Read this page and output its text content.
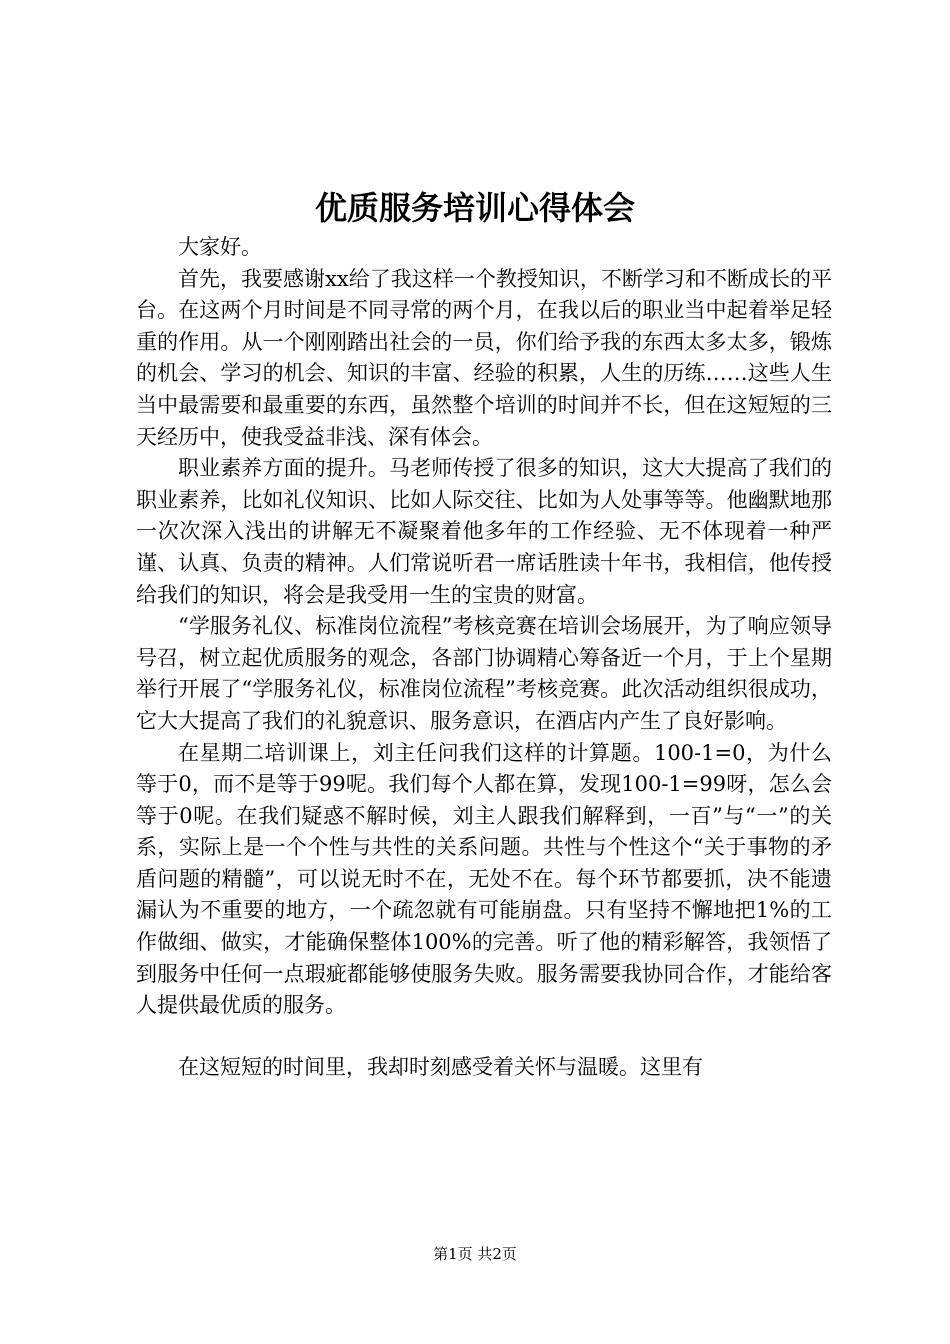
优质服务培训心得体会

大家好。

首先，我要感谢xx给了我这样一个教授知识，不断学习和不断成长的平台。在这两个月时间是不同寻常的两个月，在我以后的职业当中起着举足轻重的作用。从一个刚刚踏出社会的一员，你们给予我的东西太多太多，锻炼的机会、学习的机会、知识的丰富、经验的积累，人生的历练……这些人生当中最需要和最重要的东西，虽然整个培训的时间并不长，但在这短短的三天经历中，使我受益非浅、深有体会。

职业素养方面的提升。马老师传授了很多的知识，这大大提高了我们的职业素养，比如礼仪知识、比如人际交往、比如为人处事等等。他幽默地那一次次深入浅出的讲解无不凝聚着他多年的工作经验、无不体现着一种严谨、认真、负责的精神。人们常说听君一席话胜读十年书，我相信，他传授给我们的知识，将会是我受用一生的宝贵的财富。

“学服务礼仪、标准岗位流程”考核竞赛在培训会场展开，为了响应领导号召，树立起优质服务的观念，各部门协调精心筹备近一个月，于上个星期举行开展了“学服务礼仪，标准岗位流程”考核竞赛。此次活动组织很成功，它大大提高了我们的礼貌意识、服务意识，在酒店内产生了良好影响。

在星期二培训课上，刘主任问我们这样的计算题。100-1=0，为什么等于0，而不是等于99呢。我们每个人都在算，发现100-1=99呀，怎么会等于0呢。在我们疑惑不解时候，刘主人跟我们解释到，一百”与“一”的关系，实际上是一个个性与共性的关系问题。共性与个性这个“关于事物的矛盾问题的精髓”，可以说无时不在，无处不在。每个环节都要抓，决不能遗漏认为不重要的地方，一个疏忽就有可能崩盘。只有坚持不懈地把1%的工作做细、做实，才能确保整体100%的完善。听了他的精彩解答，我领悟了到服务中任何一点瑕疵都能够使服务失败。服务需要我协同合作，才能给客人提供最优质的服务。

在这短短的时间里，我却时刻感受着关怀与温暖。这里有

第1页 共2页
